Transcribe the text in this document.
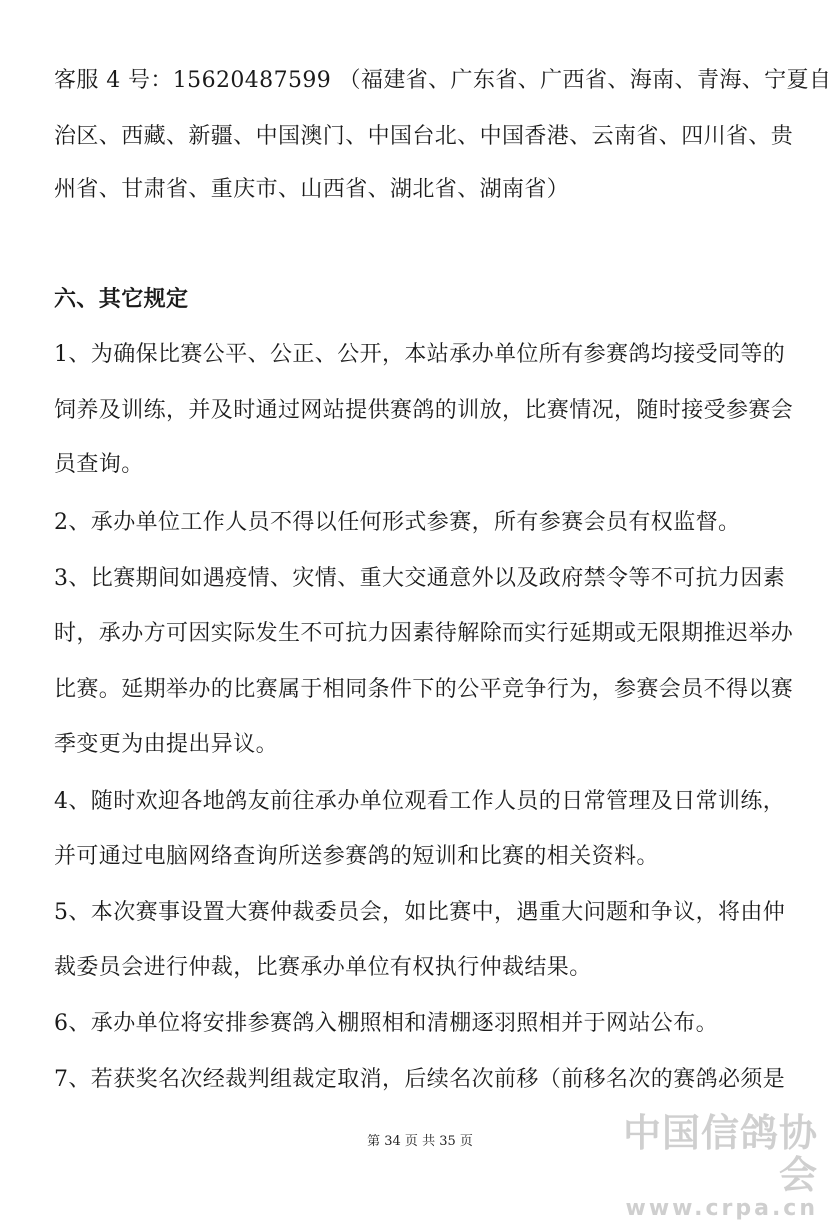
客服 4 号：15620487599 （福建省、广东省、广西省、海南、青海、宁夏自
治区、西藏、新疆、中国澳门、中国台北、中国香港、云南省、四川省、贵
州省、甘肃省、重庆市、山西省、湖北省、湖南省）
六、其它规定
1、为确保比赛公平、公正、公开，本站承办单位所有参赛鸽均接受同等的
饲养及训练，并及时通过网站提供赛鸽的训放，比赛情况，随时接受参赛会
员查询。
2、承办单位工作人员不得以任何形式参赛，所有参赛会员有权监督。
3、比赛期间如遇疫情、灾情、重大交通意外以及政府禁令等不可抗力因素
时，承办方可因实际发生不可抗力因素待解除而实行延期或无限期推迟举办
比赛。延期举办的比赛属于相同条件下的公平竞争行为，参赛会员不得以赛
季变更为由提出异议。
4、随时欢迎各地鸽友前往承办单位观看工作人员的日常管理及日常训练，
并可通过电脑网络查询所送参赛鸽的短训和比赛的相关资料。
5、本次赛事设置大赛仲裁委员会，如比赛中，遇重大问题和争议，将由仲
裁委员会进行仲裁，比赛承办单位有权执行仲裁结果。
6、承办单位将安排参赛鸽入棚照相和清棚逐羽照相并于网站公布。
7、若获奖名次经裁判组裁定取消，后续名次前移（前移名次的赛鸽必须是
第 34 页 共 35 页	中国信鸽协会
www.crpa.cn
